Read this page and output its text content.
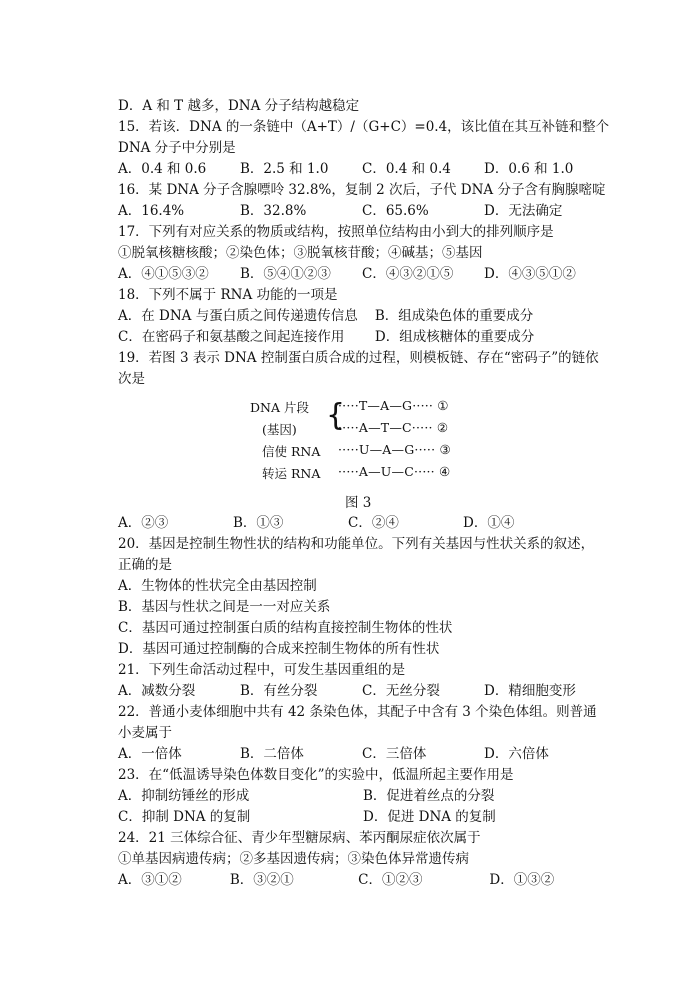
D．A 和 T 越多，DNA 分子结构越稳定
15．若该．DNA 的一条链中（A+T）/（G+C）=0.4，该比值在其互补链和整个
DNA 分子中分别是
A．0.4 和 0.6	B．2.5 和 1.0	C．0.4 和 0.4	D．0.6 和 1.0
16．某 DNA 分子含腺嘌呤 32.8%，复制 2 次后，子代 DNA 分子含有胸腺嘧啶
A．16.4%	B．32.8%	C．65.6%	D．无法确定
17．下列有对应关系的物质或结构，按照单位结构由小到大的排列顺序是
①脱氧核糖核酸；②染色体；③脱氧核苷酸；④碱基；⑤基因
A．④①⑤③②	B．⑤④①②③	C．④③②①⑤	D．④③⑤①②
18．下列不属于 RNA 功能的一项是
A．在 DNA 与蛋白质之间传递遗传信息	B．组成染色体的重要成分
C．在密码子和氨基酸之间起连接作用	D．组成核糖体的重要成分
19．若图 3 表示 DNA 控制蛋白质合成的过程，则模板链、存在“密码子”的链依
次是
DNA 片段
(基因)
信使 RNA
转运 RNA
{
·····T—A—G····· ①
·····A—T—C····· ②
·····U—A—G····· ③
·····A—U—C····· ④
图 3
A．②③	B．①③	C．②④	D．①④
20．基因是控制生物性状的结构和功能单位。下列有关基因与性状关系的叙述，
正确的是
A．生物体的性状完全由基因控制
B．基因与性状之间是一一对应关系
C．基因可通过控制蛋白质的结构直接控制生物体的性状
D．基因可通过控制酶的合成来控制生物体的所有性状
21．下列生命活动过程中，可发生基因重组的是
A．减数分裂	B．有丝分裂	C．无丝分裂	D．精细胞变形
22．普通小麦体细胞中共有 42 条染色体，其配子中含有 3 个染色体组。则普通
小麦属于
A．一倍体	B．二倍体	C．三倍体	D．六倍体
23．在“低温诱导染色体数目变化”的实验中，低温所起主要作用是
A．抑制纺锤丝的形成	B．促进着丝点的分裂
C．抑制 DNA 的复制	D．促进 DNA 的复制
24．21 三体综合征、青少年型糖尿病、苯丙酮尿症依次属于
①单基因病遗传病；②多基因遗传病；③染色体异常遗传病
A．③①②	B．③②①	C．①②③	D．①③②
